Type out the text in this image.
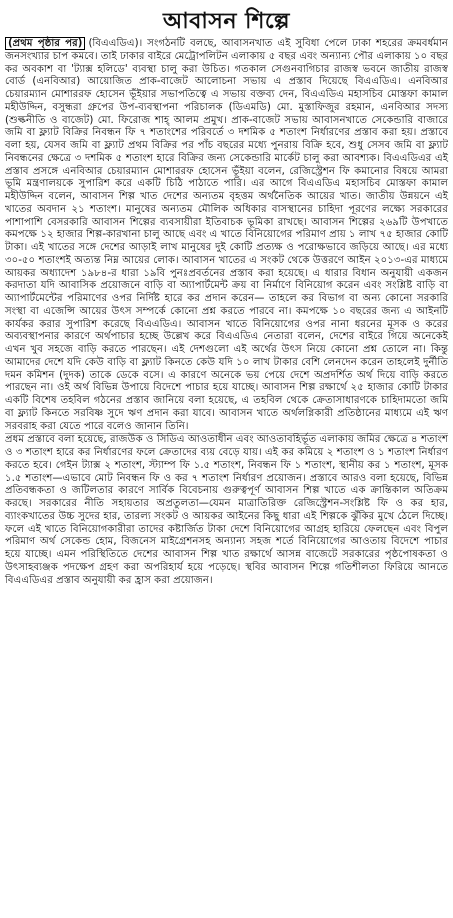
আবাসন শিল্পে

(প্রথম পৃষ্ঠার পর) (বিএএডিএ)। সংগঠনটি বলছে, আবাসনখাত এই সুবিধা পেলে ঢাকা শহরের ক্রমবর্ধমান জনসংখ্যার চাপ কমবে। তাই ঢাকার বাইরে মেট্রোপলিটন এলাকায় ৫ বছর এবং অন্যান্য পৌর এলাকায় ১০ বছর কর অবকাশ বা 'ট্যাক্স হলিডে' ব্যবস্থা চালু করা উচিত। গতকাল সেগুনবাগিচার রাজস্ব ভবনে জাতীয় রাজস্ব বোর্ড (এনবিআর) আয়োজিত প্রাক-বাজেট আলোচনা সভায় এ প্রস্তাব দিয়েছে বিএএডিএ। এনবিআর চেয়ারম্যান মোশাররফ হোসেন ভূঁইয়ার সভাপতিত্বে এ সভায় বক্তব্য দেন, বিএএডিএ মহাসচিব মোস্তফা কামাল মহীউদ্দিন, বসুন্ধরা গ্রুপের উপ-ব্যবস্থাপনা পরিচালক (ডিএমডি) মো. মুস্তাফিজুর রহমান, এনবিআর সদস্য (শুল্কনীতি ও বাজেট) মো. ফিরোজ শাহ্ আলম প্রমুখ। প্রাক-বাজেট সভায় আবাসনখাতে সেকেন্ডারি বাজারে জমি বা ফ্ল্যাট বিক্রির নিবন্ধন ফি ৭ শতাংশের পরিবর্তে ৩ দশমিক ৫ শতাংশ নির্ধারণের প্রস্তাব করা হয়। প্রস্তাবে বলা হয়, যেসব জমি বা ফ্ল্যাট প্রথম বিক্রির পর পাঁচ বছরের মধ্যে পুনরায় বিক্রি হবে, শুধু সেসব জমি বা ফ্ল্যাট নিবন্ধনের ক্ষেত্রে ৩ দশমিক ৫ শতাংশ হারে বিক্রির জন্য সেকেন্ডারি মার্কেট চালু করা আবশ্যক। বিএএডিএর এই প্রস্তাব প্রসঙ্গে এনবিআর চেয়ারম্যান মোশাররফ হোসেন ভূঁইয়া বলেন, রেজিস্ট্রেশন ফি কমানোর বিষয়ে আমরা ভূমি মন্ত্রণালয়কে সুপারিশ করে একটি চিঠি পাঠাতে পারি। এর আগে বিএএডিএ মহাসচিব মোস্তফা কামাল মহীউদ্দিন বলেন, আবাসন শিল্প খাত দেশের অন্যতম বৃহত্তম অর্থনৈতিক আয়ের খাত। জাতীয় উন্নয়নে এই খাতের অবদান ২১ শতাংশ। মানুষের অন্যতম মৌলিক অধিকার বাসস্থানের চাহিদা পূরণের লক্ষ্যে সরকারের পাশাপাশি বেসরকারি আবাসন শিল্পের ব্যবসায়ীরা ইতিবাচক ভূমিকা রাখছে। আবাসন শিল্পের ২৬৯টি উপখাতে কমপক্ষে ১২ হাজার শিল্প-কারখানা চালু আছে এবং এ খাতে বিনিয়োগের পরিমাণ প্রায় ১ লাখ ৭৫ হাজার কোটি টাকা। এই খাতের সঙ্গে দেশের আড়াই লাখ মানুষের দুই কোটি প্রত্যক্ষ ও পরোক্ষভাবে জড়িয়ে আছে। এর মধ্যে ৩০-৫০ শতাংশই অত্যন্ত নিম্ন আয়ের লোক। আবাসন খাতের এ সংকট থেকে উত্তরণে আইন ২০১৩-এর মাধ্যমে আয়কর অধ্যাদেশ ১৯৮৪-র ধারা ১৯বি পুনঃপ্রবর্তনের প্রস্তাব করা হয়েছে। এ ধারার বিধান অনুযায়ী একজন করদাতা যদি আবাসিক প্রয়োজনে বাড়ি বা অ্যাপার্টমেন্ট ক্রয় বা নির্মাণে বিনিয়োগ করেন এবং সংশ্লিষ্ট বাড়ি বা অ্যাপার্টমেন্টের পরিমাণের ওপর নির্দিষ্ট হারে কর প্রদান করেন— তাহলে কর বিভাগ বা অন্য কোনো সরকারি সংস্থা বা এজেন্সি আয়ের উৎস সম্পর্কে কোনো প্রশ্ন করতে পারবে না। কমপক্ষে ১০ বছরের জন্য এ আইনটি কার্যকর করার সুপারিশ করেছে বিএএডিএ। আবাসন খাতে বিনিয়োগের ওপর নানা ধরনের মূসক ও করের অব্যবস্থাপনার কারণে অর্থপাচার হচ্ছে উল্লেখ করে বিএএডিএ নেতারা বলেন, দেশের বাইরে গিয়ে অনেকেই এখন খুব সহজে বাড়ি করতে পারছেন। এই দেশগুলো এই অর্থের উৎস নিয়ে কোনো প্রশ্ন তোলে না। কিন্তু আমাদের দেশে যদি কেউ বাড়ি বা ফ্ল্যাট কিনতে কেউ যদি ১০ লাখ টাকার বেশি লেনদেন করেন তাহলেই দুর্নীতি দমন কমিশন (দুদক) তাকে ডেকে বসে। এ কারণে অনেকে ভয় পেয়ে দেশে অপ্রদর্শিত অর্থ দিয়ে বাড়ি করতে পারছেন না। ওই অর্থ বিভিন্ন উপায়ে বিদেশে পাচার হয়ে যাচ্ছে। আবাসন শিল্প রক্ষার্থে ২৫ হাজার কোটি টাকার একটি বিশেষ তহবিল গঠনের প্রস্তাব জানিয়ে বলা হয়েছে, এ তহবিল থেকে ক্রেতাসাধারণকে চাহিদামতো জমি বা ফ্ল্যাট কিনতে সরবিষ্ণ সুদে ঋণ প্রদান করা যাবে। আবাসন খাতে অর্থলগ্নিকারী প্রতিষ্ঠানের মাধ্যমে এই ঋণ সরবরাহ করা যেতে পারে বলেও জানান তিনি।

প্রধম প্রস্তাবে বলা হয়েছে, রাজউক ও সিডিএ আওতাধীন এবং আওতাবহির্ভূত এলাকায় জমির ক্ষেত্রে ৪ শতাংশ ও ৩ শতাংশ হারে কর নির্ধারণের ফলে ক্রেতাদের ব্যয় বেড়ে যায়। এই কর কমিয়ে ২ শতাংশ ও ১ শতাংশ নির্ধারণ করতে হবে। গেইন ট্যাক্স ২ শতাংশ, স্ট্যাম্প ফি ১.৫ শতাংশ, নিবন্ধন ফি ১ শতাংশ, স্থানীয় কর ১ শতাংশ, মূসক ১.৫ শতাংশ—এভাবে মোট নিবন্ধন ফি ও কর ৭ শতাংশ নির্ধারণ প্রয়োজন। প্রস্তাবে আরও বলা হয়েছে, বিভিন্ন প্রতিবন্ধকতা ও জটিলতার কারণে সার্বিক বিবেচনায় গুরুত্বপূর্ণ আবাসন শিল্প খাতে এক ক্রান্তিকাল অতিক্রম করছে। সরকারের নীতি সহায়তার অপ্রতুলতা—যেমন মাত্রাতিরিক্ত রেজিস্ট্রেশন-সংশ্লিষ্ট ফি ও কর হার, ব্যাংকখাতের উচ্চ সুদের হার, তারল্য সংকট ও আয়কর আইনের কিছু ধারা এই শিল্পকে ঝুঁকির মুখে ঠেলে দিচ্ছে। ফলে এই খাতে বিনিয়োগকারীরা তাদের কষ্টার্জিত টাকা দেশে বিনিয়োগের আগ্রহ হারিয়ে ফেলছেন এবং বিপুল পরিমাণ অর্থ সেকেন্ড হোম, বিজনেস মাইগ্রেশনসহ অন্যান্য সহজ শর্তে বিনিয়োগের আওতায় বিদেশে পাচার হয়ে যাচ্ছে। এমন পরিস্থিতিতে দেশের আবাসন শিল্প খাত রক্ষার্থে আসন্ন বাজেটে সরকারের পৃষ্ঠপোষকতা ও উৎসাহব্যঞ্জক পদক্ষেপ গ্রহণ করা অপরিহার্য হয়ে পড়েছে। স্থবির আবাসন শিল্পে গতিশীলতা ফিরিয়ে আনতে বিএএডিএর প্রস্তাব অনুযায়ী কর হ্রাস করা প্রয়োজন।
